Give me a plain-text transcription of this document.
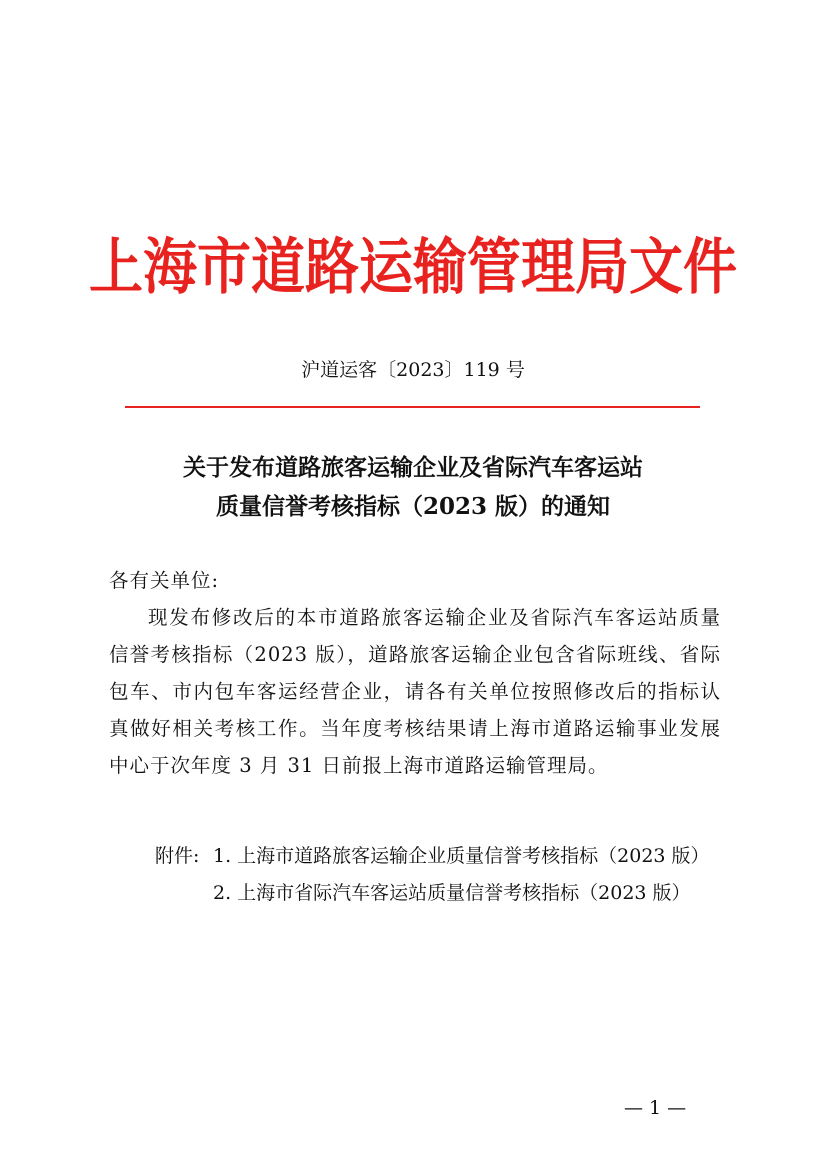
上海市道路运输管理局文件
沪道运客〔2023〕119 号
关于发布道路旅客运输企业及省际汽车客运站
质量信誉考核指标（2023 版）的通知
各有关单位:
现发布修改后的本市道路旅客运输企业及省际汽车客运站质量信誉考核指标（2023 版），道路旅客运输企业包含省际班线、省际包车、市内包车客运经营企业，请各有关单位按照修改后的指标认真做好相关考核工作。当年度考核结果请上海市道路运输事业发展中心于次年度 3 月 31 日前报上海市道路运输管理局。
附件: 1. 上海市道路旅客运输企业质量信誉考核指标（2023 版）
2. 上海市省际汽车客运站质量信誉考核指标（2023 版）
— 1 —
